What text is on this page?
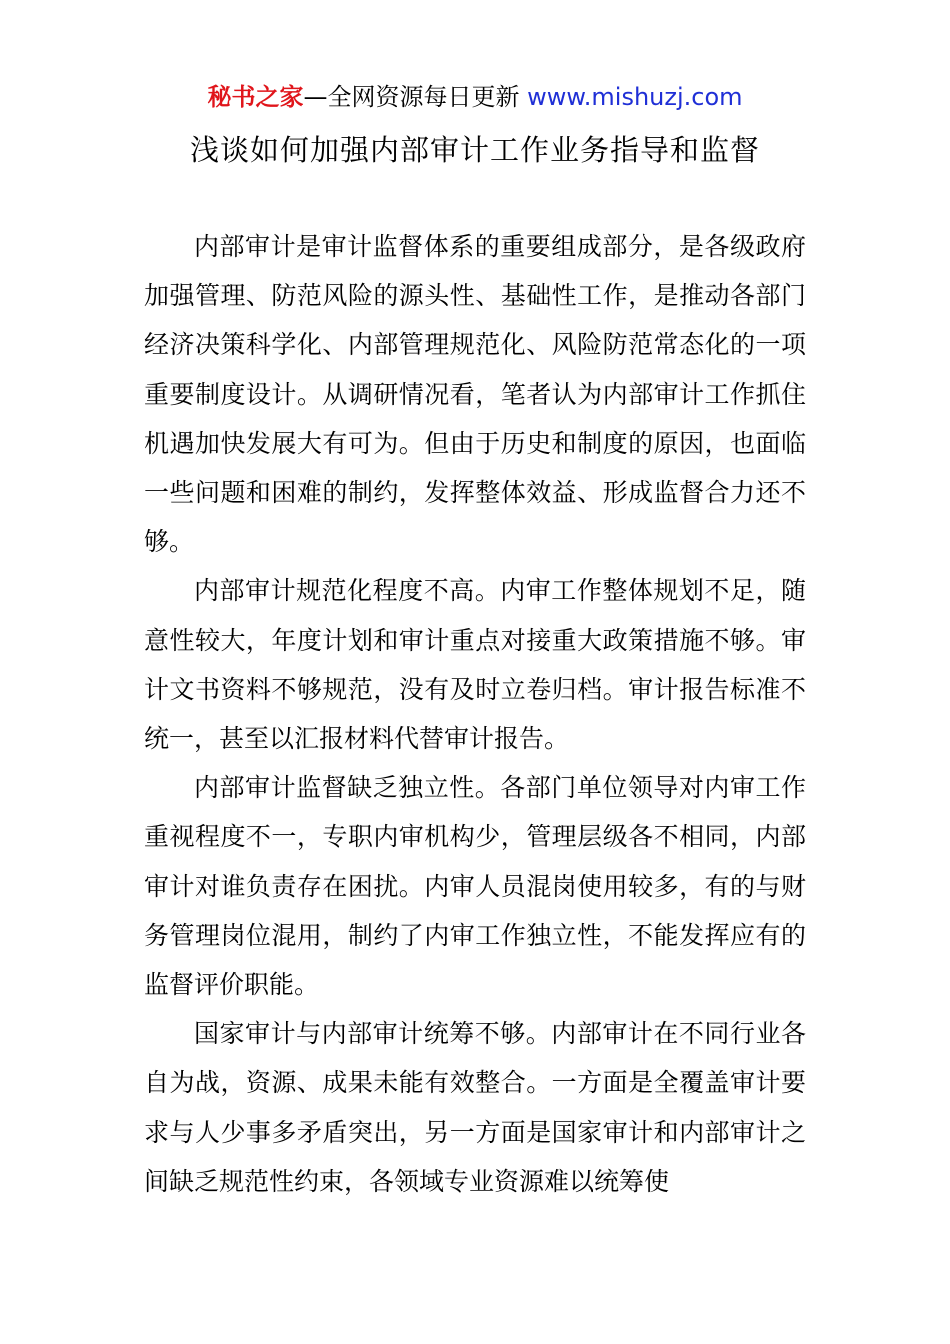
秘书之家—全网资源每日更新 www.mishuzj.com
浅谈如何加强内部审计工作业务指导和监督

内部审计是审计监督体系的重要组成部分，是各级政府加强管理、防范风险的源头性、基础性工作，是推动各部门经济决策科学化、内部管理规范化、风险防范常态化的一项重要制度设计。从调研情况看，笔者认为内部审计工作抓住机遇加快发展大有可为。但由于历史和制度的原因，也面临一些问题和困难的制约，发挥整体效益、形成监督合力还不够。

内部审计规范化程度不高。内审工作整体规划不足，随意性较大，年度计划和审计重点对接重大政策措施不够。审计文书资料不够规范，没有及时立卷归档。审计报告标准不统一，甚至以汇报材料代替审计报告。

内部审计监督缺乏独立性。各部门单位领导对内审工作重视程度不一，专职内审机构少，管理层级各不相同，内部审计对谁负责存在困扰。内审人员混岗使用较多，有的与财务管理岗位混用，制约了内审工作独立性，不能发挥应有的监督评价职能。

国家审计与内部审计统筹不够。内部审计在不同行业各自为战，资源、成果未能有效整合。一方面是全覆盖审计要求与人少事多矛盾突出，另一方面是国家审计和内部审计之间缺乏规范性约束，各领域专业资源难以统筹使
